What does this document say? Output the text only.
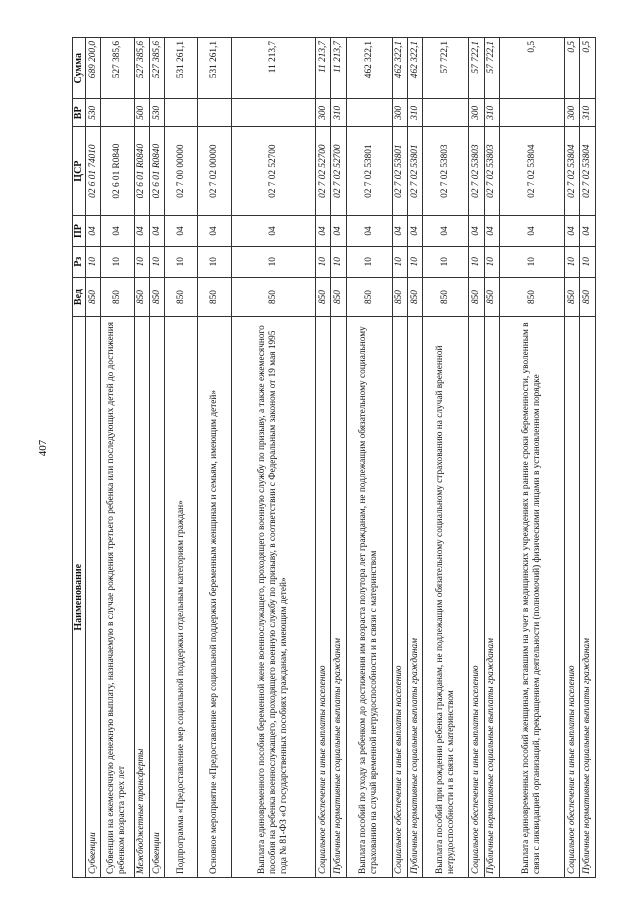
407
Наименование	Вед	Рз	ПР	ЦСР	ВР	Сумма
Субвенции	850	10	04	02 6 01 74010	530	689 200,0
Субвенции на ежемесячную денежную выплату, назначаемую в случае рождения третьего ребенка или последующих детей до достижения ребенком возраста трех лет	850	10	04	02 6 01 R0840		527 385,6
Межбюджетные трансферты	850	10	04	02 6 01 R0840	500	527 385,6
Субвенции	850	10	04	02 6 01 R0840	530	527 385,6
Подпрограмма «Предоставление мер социальной поддержки отдельным категориям граждан»	850	10	04	02 7 00 00000		531 261,1
Основное мероприятие «Предоставление мер социальной поддержки беременным женщинам и семьям, имеющим детей»	850	10	04	02 7 02 00000		531 261,1
Выплата единовременного пособия беременной жене военнослужащего, проходящего военную службу по призыву, а также ежемесячного пособия на ребенка военнослужащего, проходящего военную службу по призыву, в соответствии с Федеральным законом от 19 мая 1995 года № 81-ФЗ «О государственных пособиях гражданам, имеющим детей»	850	10	04	02 7 02 52700		11 213,7
Социальное обеспечение и иные выплаты населению	850	10	04	02 7 02 52700	300	11 213,7
Публичные нормативные социальные выплаты гражданам	850	10	04	02 7 02 52700	310	11 213,7
Выплата пособий по уходу за ребенком до достижения им возраста полутора лет гражданам, не подлежащим обязательному социальному страхованию на случай временной нетрудоспособности и в связи с материнством	850	10	04	02 7 02 53801		462 322,1
Социальное обеспечение и иные выплаты населению	850	10	04	02 7 02 53801	300	462 322,1
Публичные нормативные социальные выплаты гражданам	850	10	04	02 7 02 53801	310	462 322,1
Выплата пособий при рождении ребенка гражданам, не подлежащим обязательному социальному страхованию на случай временной нетрудоспособности и в связи с материнством	850	10	04	02 7 02 53803		57 722,1
Социальное обеспечение и иные выплаты населению	850	10	04	02 7 02 53803	300	57 722,1
Публичные нормативные социальные выплаты гражданам	850	10	04	02 7 02 53803	310	57 722,1
Выплата единовременных пособий женщинам, вставшим на учет в медицинских учреждениях в ранние сроки беременности, уволенным в связи с ликвидацией организаций, прекращением деятельности (полномочий) физическими лицами в установленном порядке	850	10	04	02 7 02 53804		0,5
Социальное обеспечение и иные выплаты населению	850	10	04	02 7 02 53804	300	0,5
Публичные нормативные социальные выплаты гражданам	850	10	04	02 7 02 53804	310	0,5
